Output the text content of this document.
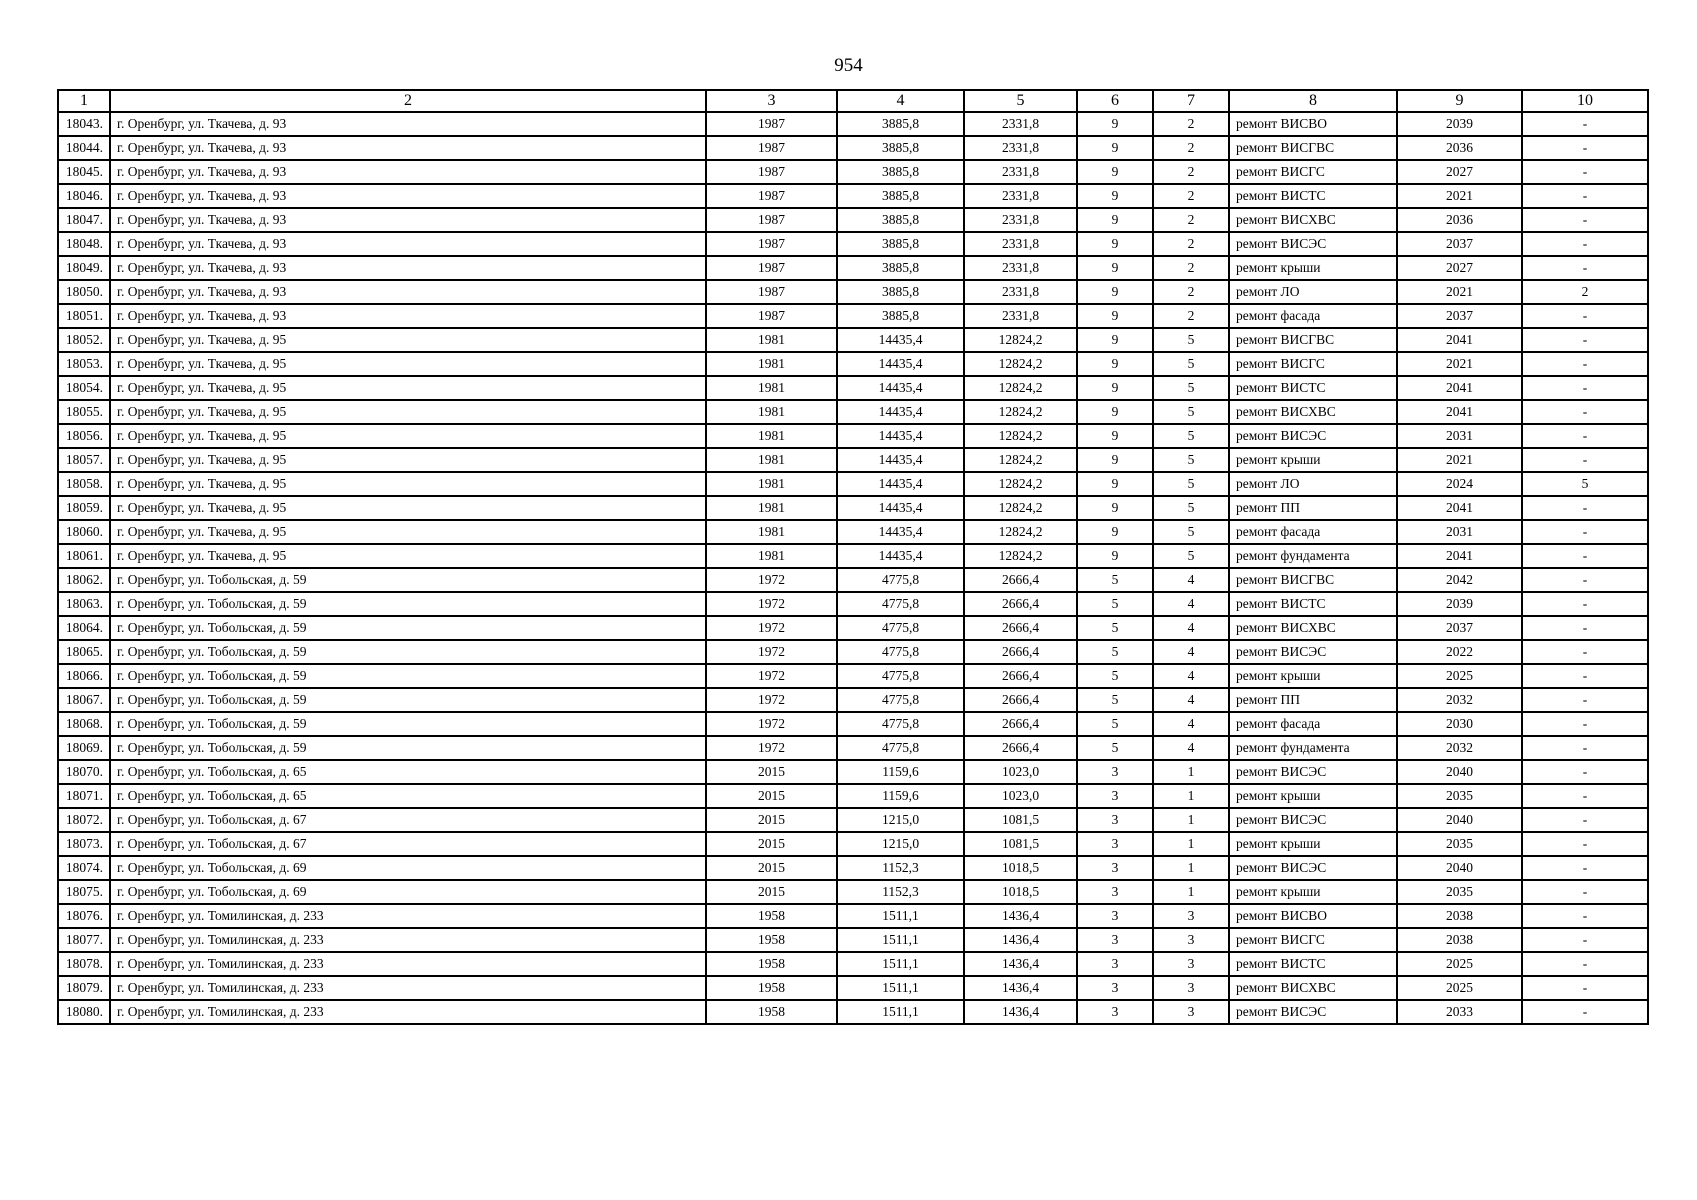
954
1	2	3	4	5	6	7	8	9	10
18043.	г. Оренбург, ул. Ткачева, д. 93	1987	3885,8	2331,8	9	2	ремонт ВИСВО	2039	-
18044.	г. Оренбург, ул. Ткачева, д. 93	1987	3885,8	2331,8	9	2	ремонт ВИСГВС	2036	-
18045.	г. Оренбург, ул. Ткачева, д. 93	1987	3885,8	2331,8	9	2	ремонт ВИСГС	2027	-
18046.	г. Оренбург, ул. Ткачева, д. 93	1987	3885,8	2331,8	9	2	ремонт ВИСТС	2021	-
18047.	г. Оренбург, ул. Ткачева, д. 93	1987	3885,8	2331,8	9	2	ремонт ВИСХВС	2036	-
18048.	г. Оренбург, ул. Ткачева, д. 93	1987	3885,8	2331,8	9	2	ремонт ВИСЭС	2037	-
18049.	г. Оренбург, ул. Ткачева, д. 93	1987	3885,8	2331,8	9	2	ремонт крыши	2027	-
18050.	г. Оренбург, ул. Ткачева, д. 93	1987	3885,8	2331,8	9	2	ремонт ЛО	2021	2
18051.	г. Оренбург, ул. Ткачева, д. 93	1987	3885,8	2331,8	9	2	ремонт фасада	2037	-
18052.	г. Оренбург, ул. Ткачева, д. 95	1981	14435,4	12824,2	9	5	ремонт ВИСГВС	2041	-
18053.	г. Оренбург, ул. Ткачева, д. 95	1981	14435,4	12824,2	9	5	ремонт ВИСГС	2021	-
18054.	г. Оренбург, ул. Ткачева, д. 95	1981	14435,4	12824,2	9	5	ремонт ВИСТС	2041	-
18055.	г. Оренбург, ул. Ткачева, д. 95	1981	14435,4	12824,2	9	5	ремонт ВИСХВС	2041	-
18056.	г. Оренбург, ул. Ткачева, д. 95	1981	14435,4	12824,2	9	5	ремонт ВИСЭС	2031	-
18057.	г. Оренбург, ул. Ткачева, д. 95	1981	14435,4	12824,2	9	5	ремонт крыши	2021	-
18058.	г. Оренбург, ул. Ткачева, д. 95	1981	14435,4	12824,2	9	5	ремонт ЛО	2024	5
18059.	г. Оренбург, ул. Ткачева, д. 95	1981	14435,4	12824,2	9	5	ремонт ПП	2041	-
18060.	г. Оренбург, ул. Ткачева, д. 95	1981	14435,4	12824,2	9	5	ремонт фасада	2031	-
18061.	г. Оренбург, ул. Ткачева, д. 95	1981	14435,4	12824,2	9	5	ремонт фундамента	2041	-
18062.	г. Оренбург, ул. Тобольская, д. 59	1972	4775,8	2666,4	5	4	ремонт ВИСГВС	2042	-
18063.	г. Оренбург, ул. Тобольская, д. 59	1972	4775,8	2666,4	5	4	ремонт ВИСТС	2039	-
18064.	г. Оренбург, ул. Тобольская, д. 59	1972	4775,8	2666,4	5	4	ремонт ВИСХВС	2037	-
18065.	г. Оренбург, ул. Тобольская, д. 59	1972	4775,8	2666,4	5	4	ремонт ВИСЭС	2022	-
18066.	г. Оренбург, ул. Тобольская, д. 59	1972	4775,8	2666,4	5	4	ремонт крыши	2025	-
18067.	г. Оренбург, ул. Тобольская, д. 59	1972	4775,8	2666,4	5	4	ремонт ПП	2032	-
18068.	г. Оренбург, ул. Тобольская, д. 59	1972	4775,8	2666,4	5	4	ремонт фасада	2030	-
18069.	г. Оренбург, ул. Тобольская, д. 59	1972	4775,8	2666,4	5	4	ремонт фундамента	2032	-
18070.	г. Оренбург, ул. Тобольская, д. 65	2015	1159,6	1023,0	3	1	ремонт ВИСЭС	2040	-
18071.	г. Оренбург, ул. Тобольская, д. 65	2015	1159,6	1023,0	3	1	ремонт крыши	2035	-
18072.	г. Оренбург, ул. Тобольская, д. 67	2015	1215,0	1081,5	3	1	ремонт ВИСЭС	2040	-
18073.	г. Оренбург, ул. Тобольская, д. 67	2015	1215,0	1081,5	3	1	ремонт крыши	2035	-
18074.	г. Оренбург, ул. Тобольская, д. 69	2015	1152,3	1018,5	3	1	ремонт ВИСЭС	2040	-
18075.	г. Оренбург, ул. Тобольская, д. 69	2015	1152,3	1018,5	3	1	ремонт крыши	2035	-
18076.	г. Оренбург, ул. Томилинская, д. 233	1958	1511,1	1436,4	3	3	ремонт ВИСВО	2038	-
18077.	г. Оренбург, ул. Томилинская, д. 233	1958	1511,1	1436,4	3	3	ремонт ВИСГС	2038	-
18078.	г. Оренбург, ул. Томилинская, д. 233	1958	1511,1	1436,4	3	3	ремонт ВИСТС	2025	-
18079.	г. Оренбург, ул. Томилинская, д. 233	1958	1511,1	1436,4	3	3	ремонт ВИСХВС	2025	-
18080.	г. Оренбург, ул. Томилинская, д. 233	1958	1511,1	1436,4	3	3	ремонт ВИСЭС	2033	-
